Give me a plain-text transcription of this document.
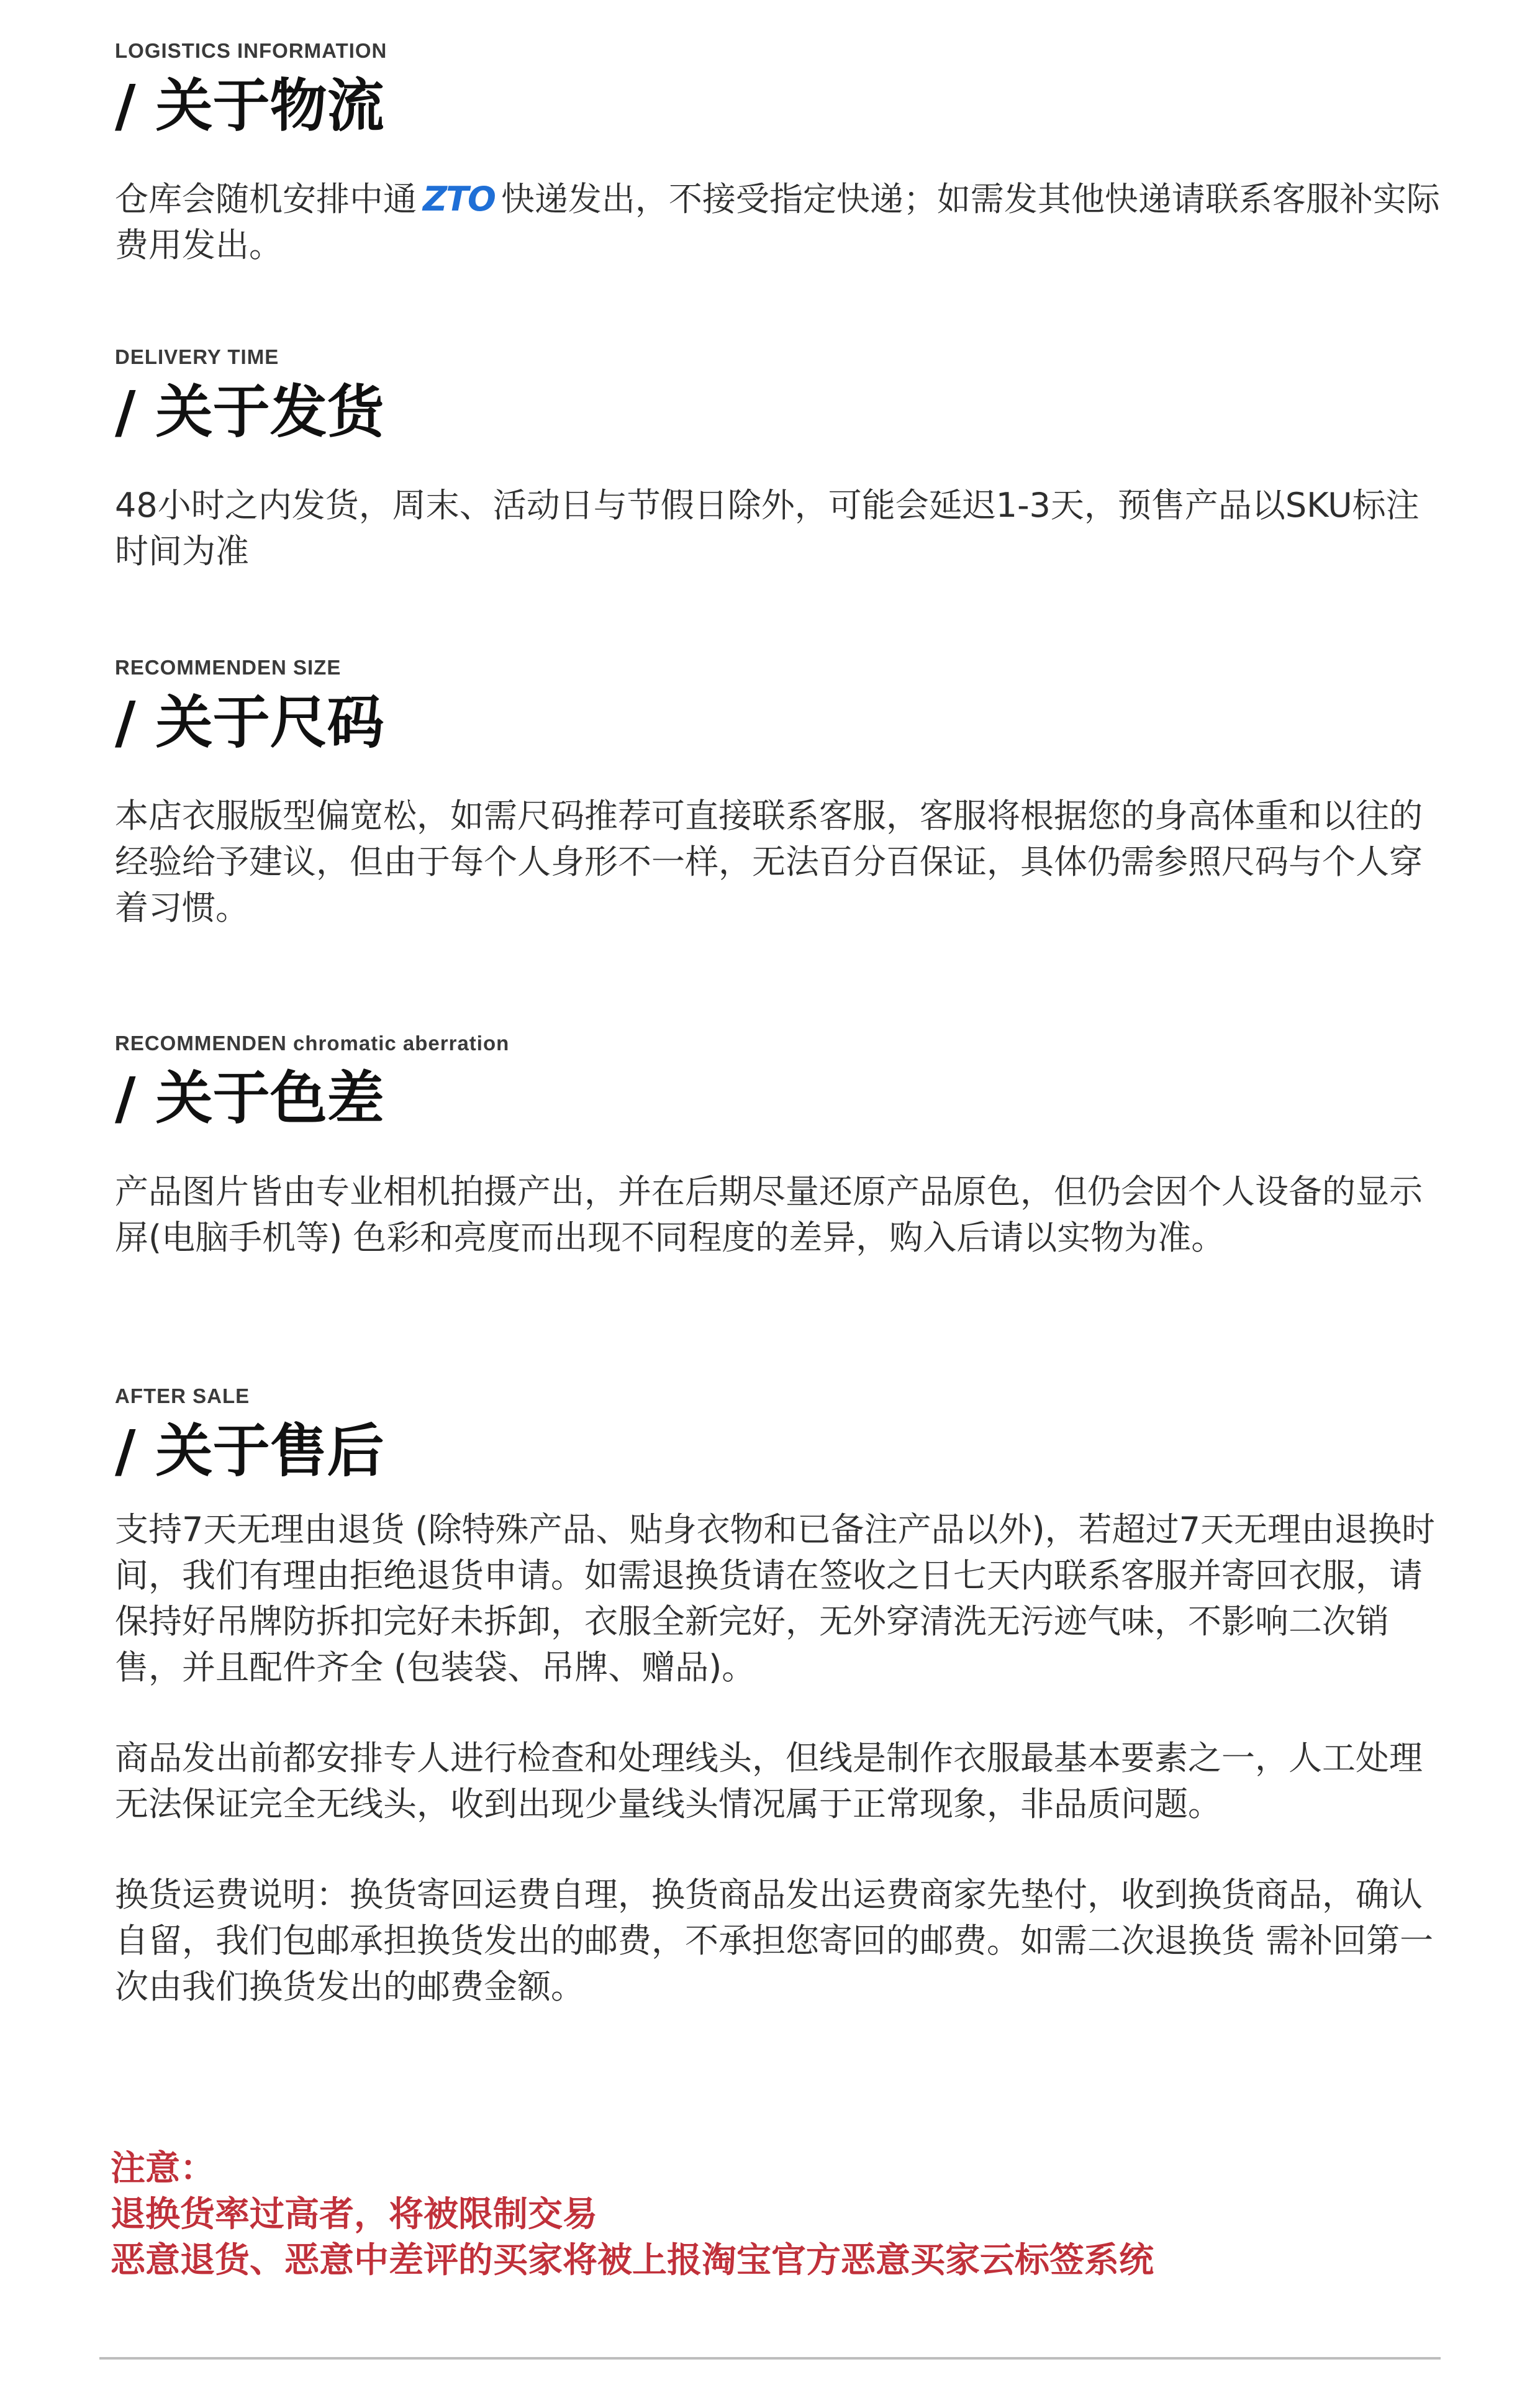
LOGISTICS INFORMATION

/ 关于物流

仓库会随机安排中通 ZTO 快递发出，不接受指定快递；如需发其他快递请联系客服补实际费用发出。

DELIVERY TIME

/ 关于发货

48小时之内发货，周末、活动日与节假日除外，可能会延迟1-3天，预售产品以SKU标注时间为准

RECOMMENDEN SIZE

/ 关于尺码

本店衣服版型偏宽松，如需尺码推荐可直接联系客服，客服将根据您的身高体重和以往的经验给予建议，但由于每个人身形不一样，无法百分百保证，具体仍需参照尺码与个人穿着习惯。

RECOMMENDEN chromatic aberration

/ 关于色差

产品图片皆由专业相机拍摄产出，并在后期尽量还原产品原色，但仍会因个人设备的显示屏(电脑手机等) 色彩和亮度而出现不同程度的差异，购入后请以实物为准。

AFTER SALE

/ 关于售后

支持7天无理由退货 (除特殊产品、贴身衣物和已备注产品以外)，若超过7天无理由退换时间，我们有理由拒绝退货申请。如需退换货请在签收之日七天内联系客服并寄回衣服，请保持好吊牌防拆扣完好未拆卸，衣服全新完好，无外穿清洗无污迹气味，不影响二次销售，并且配件齐全 (包装袋、吊牌、赠品)。

商品发出前都安排专人进行检查和处理线头，但线是制作衣服最基本要素之一，人工处理无法保证完全无线头，收到出现少量线头情况属于正常现象，非品质问题。

换货运费说明：换货寄回运费自理，换货商品发出运费商家先垫付，收到换货商品，确认自留，我们包邮承担换货发出的邮费，不承担您寄回的邮费。如需二次退换货 需补回第一次由我们换货发出的邮费金额。

注意：

退换货率过高者，将被限制交易

恶意退货、恶意中差评的买家将被上报淘宝官方恶意买家云标签系统
